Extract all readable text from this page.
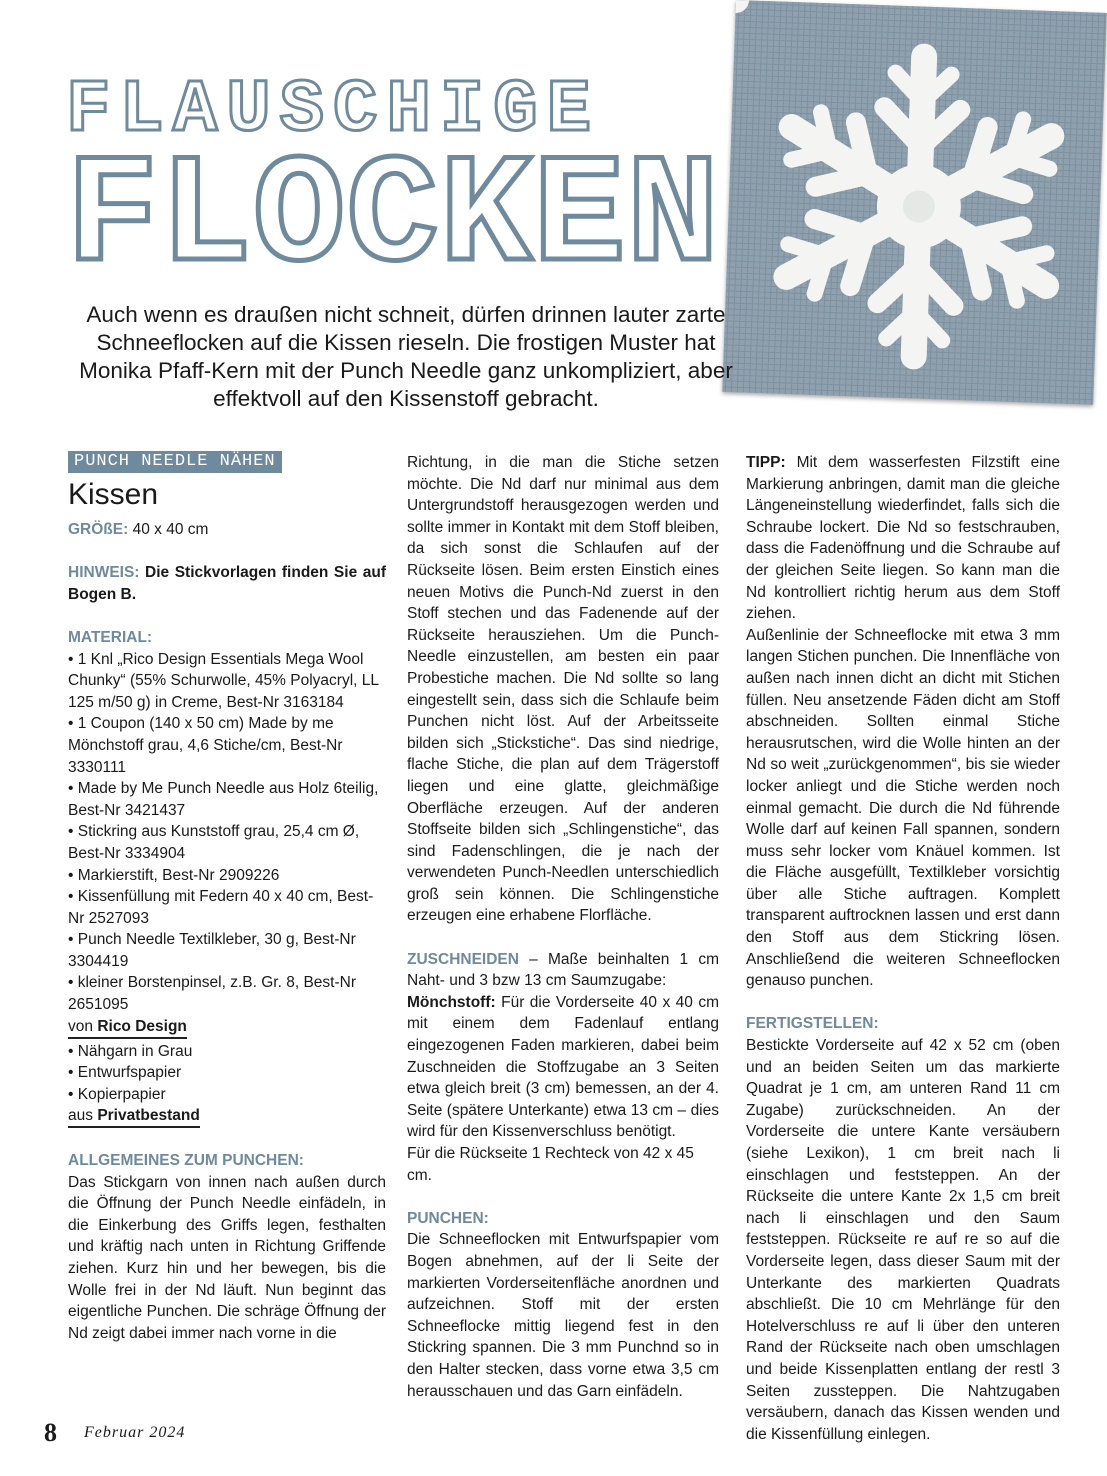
FLAUSCHIGE
FLOCKEN

Auch wenn es draußen nicht schneit, dürfen drinnen lauter zarte Schneeflocken auf die Kissen rieseln. Die frostigen Muster hat Monika Pfaff-Kern mit der Punch Needle ganz unkompliziert, aber effektvoll auf den Kissenstoff gebracht.

PUNCH NEEDLE NÄHEN
Kissen

GRÖßE: 40 x 40 cm

HINWEIS: Die Stickvorlagen finden Sie auf Bogen B.

MATERIAL:

• 1 Knl „Rico Design Essentials Mega Wool Chunky“ (55% Schurwolle, 45% Polyacryl, LL 125 m/50 g) in Creme, Best-Nr 3163184

• 1 Coupon (140 x 50 cm) Made by me Mönchstoff grau, 4,6 Stiche/cm, Best-Nr 3330111

• Made by Me Punch Needle aus Holz 6teilig, Best-Nr 3421437

• Stickring aus Kunststoff grau, 25,4 cm Ø, Best-Nr 3334904

• Markierstift, Best-Nr 2909226

• Kissenfüllung mit Federn 40 x 40 cm, Best-Nr 2527093

• Punch Needle Textilkleber, 30 g, Best-Nr 3304419

• kleiner Borstenpinsel, z.B. Gr. 8, Best-Nr 2651095

von Rico Design

• Nähgarn in Grau

• Entwurfspapier

• Kopierpapier

aus Privatbestand

ALLGEMEINES ZUM PUNCHEN:

Das Stickgarn von innen nach außen durch die Öffnung der Punch Needle einfädeln, in die Einkerbung des Griffs legen, festhalten und kräftig nach unten in Richtung Griffende ziehen. Kurz hin und her bewegen, bis die Wolle frei in der Nd läuft. Nun beginnt das eigentliche Punchen. Die schräge Öffnung der Nd zeigt dabei immer nach vorne in die

Richtung, in die man die Stiche setzen möchte. Die Nd darf nur minimal aus dem Untergrundstoff herausgezogen werden und sollte immer in Kontakt mit dem Stoff bleiben, da sich sonst die Schlaufen auf der Rückseite lösen. Beim ersten Einstich eines neuen Motivs die Punch-Nd zuerst in den Stoff stechen und das Fadenende auf der Rückseite herausziehen. Um die Punch-Needle einzustellen, am besten ein paar Probestiche machen. Die Nd sollte so lang eingestellt sein, dass sich die Schlaufe beim Punchen nicht löst. Auf der Arbeitsseite bilden sich „Stickstiche“. Das sind niedrige, flache Stiche, die plan auf dem Trägerstoff liegen und eine glatte, gleichmäßige Oberfläche erzeugen. Auf der anderen Stoffseite bilden sich „Schlingenstiche“, das sind Fadenschlingen, die je nach der verwendeten Punch-Needlen unterschiedlich groß sein können. Die Schlingenstiche erzeugen eine erhabene Florfläche.

ZUSCHNEIDEN – Maße beinhalten 1 cm Naht- und 3 bzw 13 cm Saumzugabe:

Mönchstoff: Für die Vorderseite 40 x 40 cm mit einem dem Fadenlauf entlang eingezogenen Faden markieren, dabei beim Zuschneiden die Stoffzugabe an 3 Seiten etwa gleich breit (3 cm) bemessen, an der 4. Seite (spätere Unterkante) etwa 13 cm – dies wird für den Kissenverschluss benötigt.

Für die Rückseite 1 Rechteck von 42 x 45 cm.

PUNCHEN:

Die Schneeflocken mit Entwurfspapier vom Bogen abnehmen, auf der li Seite der markierten Vorderseitenfläche anordnen und aufzeichnen. Stoff mit der ersten Schneeflocke mittig liegend fest in den Stickring spannen. Die 3 mm Punchnd so in den Halter stecken, dass vorne etwa 3,5 cm herausschauen und das Garn einfädeln.

TIPP: Mit dem wasserfesten Filzstift eine Markierung anbringen, damit man die gleiche Längeneinstellung wiederfindet, falls sich die Schraube lockert. Die Nd so festschrauben, dass die Fadenöffnung und die Schraube auf der gleichen Seite liegen. So kann man die Nd kontrolliert richtig herum aus dem Stoff ziehen.

Außenlinie der Schneeflocke mit etwa 3 mm langen Stichen punchen. Die Innenfläche von außen nach innen dicht an dicht mit Stichen füllen. Neu ansetzende Fäden dicht am Stoff abschneiden. Sollten einmal Stiche herausrutschen, wird die Wolle hinten an der Nd so weit „zurückgenommen“, bis sie wieder locker anliegt und die Stiche werden noch einmal gemacht. Die durch die Nd führende Wolle darf auf keinen Fall spannen, sondern muss sehr locker vom Knäuel kommen. Ist die Fläche ausgefüllt, Textilkleber vorsichtig über alle Stiche auftragen. Komplett transparent auftrocknen lassen und erst dann den Stoff aus dem Stickring lösen. Anschließend die weiteren Schneeflocken genauso punchen.

FERTIGSTELLEN:

Bestickte Vorderseite auf 42 x 52 cm (oben und an beiden Seiten um das markierte Quadrat je 1 cm, am unteren Rand 11 cm Zugabe) zurückschneiden. An der Vorderseite die untere Kante versäubern (siehe Lexikon), 1 cm breit nach li einschlagen und feststeppen. An der Rückseite die untere Kante 2x 1,5 cm breit nach li einschlagen und den Saum feststeppen. Rückseite re auf re so auf die Vorderseite legen, dass dieser Saum mit der Unterkante des markierten Quadrats abschließt. Die 10 cm Mehrlänge für den Hotelverschluss re auf li über den unteren Rand der Rückseite nach oben umschlagen und beide Kissenplatten entlang der restl 3 Seiten zussteppen. Die Nahtzugaben versäubern, danach das Kissen wenden und die Kissenfüllung einlegen.

8 Februar 2024
